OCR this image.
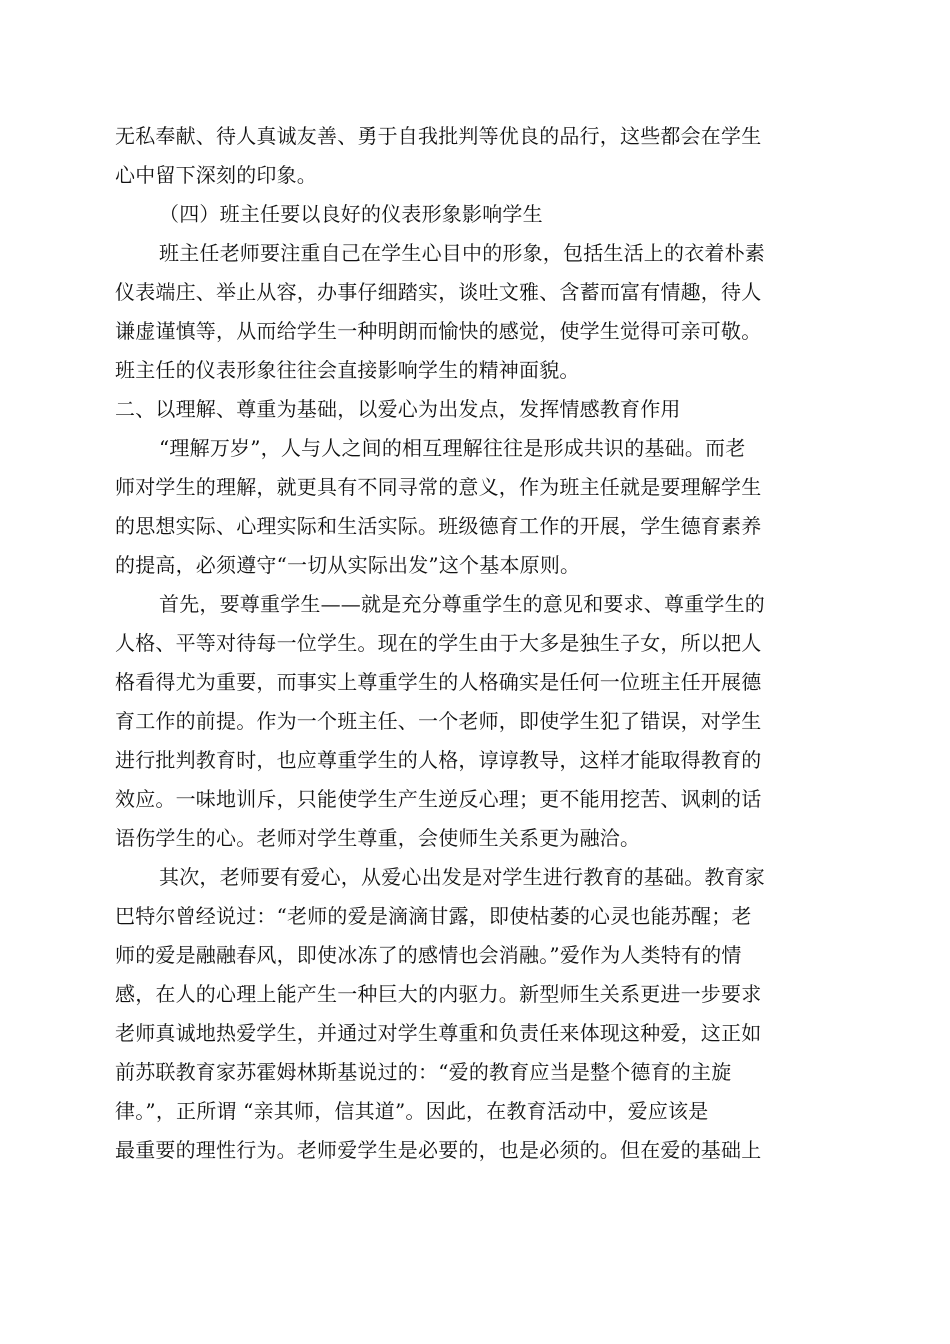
无私奉献、待人真诚友善、勇于自我批判等优良的品行，这些都会在学生
心中留下深刻的印象。
（四）班主任要以良好的仪表形象影响学生
班主任老师要注重自己在学生心目中的形象，包括生活上的衣着朴素
仪表端庄、举止从容，办事仔细踏实，谈吐文雅、含蓄而富有情趣，待人
谦虚谨慎等，从而给学生一种明朗而愉快的感觉，使学生觉得可亲可敬。
班主任的仪表形象往往会直接影响学生的精神面貌。
二、以理解、尊重为基础，以爱心为出发点，发挥情感教育作用
“理解万岁”，人与人之间的相互理解往往是形成共识的基础。而老
师对学生的理解，就更具有不同寻常的意义，作为班主任就是要理解学生
的思想实际、心理实际和生活实际。班级德育工作的开展，学生德育素养
的提高，必须遵守“一切从实际出发”这个基本原则。
首先，要尊重学生——就是充分尊重学生的意见和要求、尊重学生的
人格、平等对待每一位学生。现在的学生由于大多是独生子女，所以把人
格看得尤为重要，而事实上尊重学生的人格确实是任何一位班主任开展德
育工作的前提。作为一个班主任、一个老师，即使学生犯了错误，对学生
进行批判教育时，也应尊重学生的人格，谆谆教导，这样才能取得教育的
效应。一味地训斥，只能使学生产生逆反心理；更不能用挖苦、讽刺的话
语伤学生的心。老师对学生尊重，会使师生关系更为融洽。
其次，老师要有爱心，从爱心出发是对学生进行教育的基础。教育家
巴特尔曾经说过：“老师的爱是滴滴甘露，即使枯萎的心灵也能苏醒；老
师的爱是融融春风，即使冰冻了的感情也会消融。”爱作为人类特有的情
感，在人的心理上能产生一种巨大的内驱力。新型师生关系更进一步要求
老师真诚地热爱学生，并通过对学生尊重和负责任来体现这种爱，这正如
前苏联教育家苏霍姆林斯基说过的：“爱的教育应当是整个德育的主旋
律。”，正所谓 “亲其师，信其道”。因此，在教育活动中，爱应该是
最重要的理性行为。老师爱学生是必要的，也是必须的。但在爱的基础上
